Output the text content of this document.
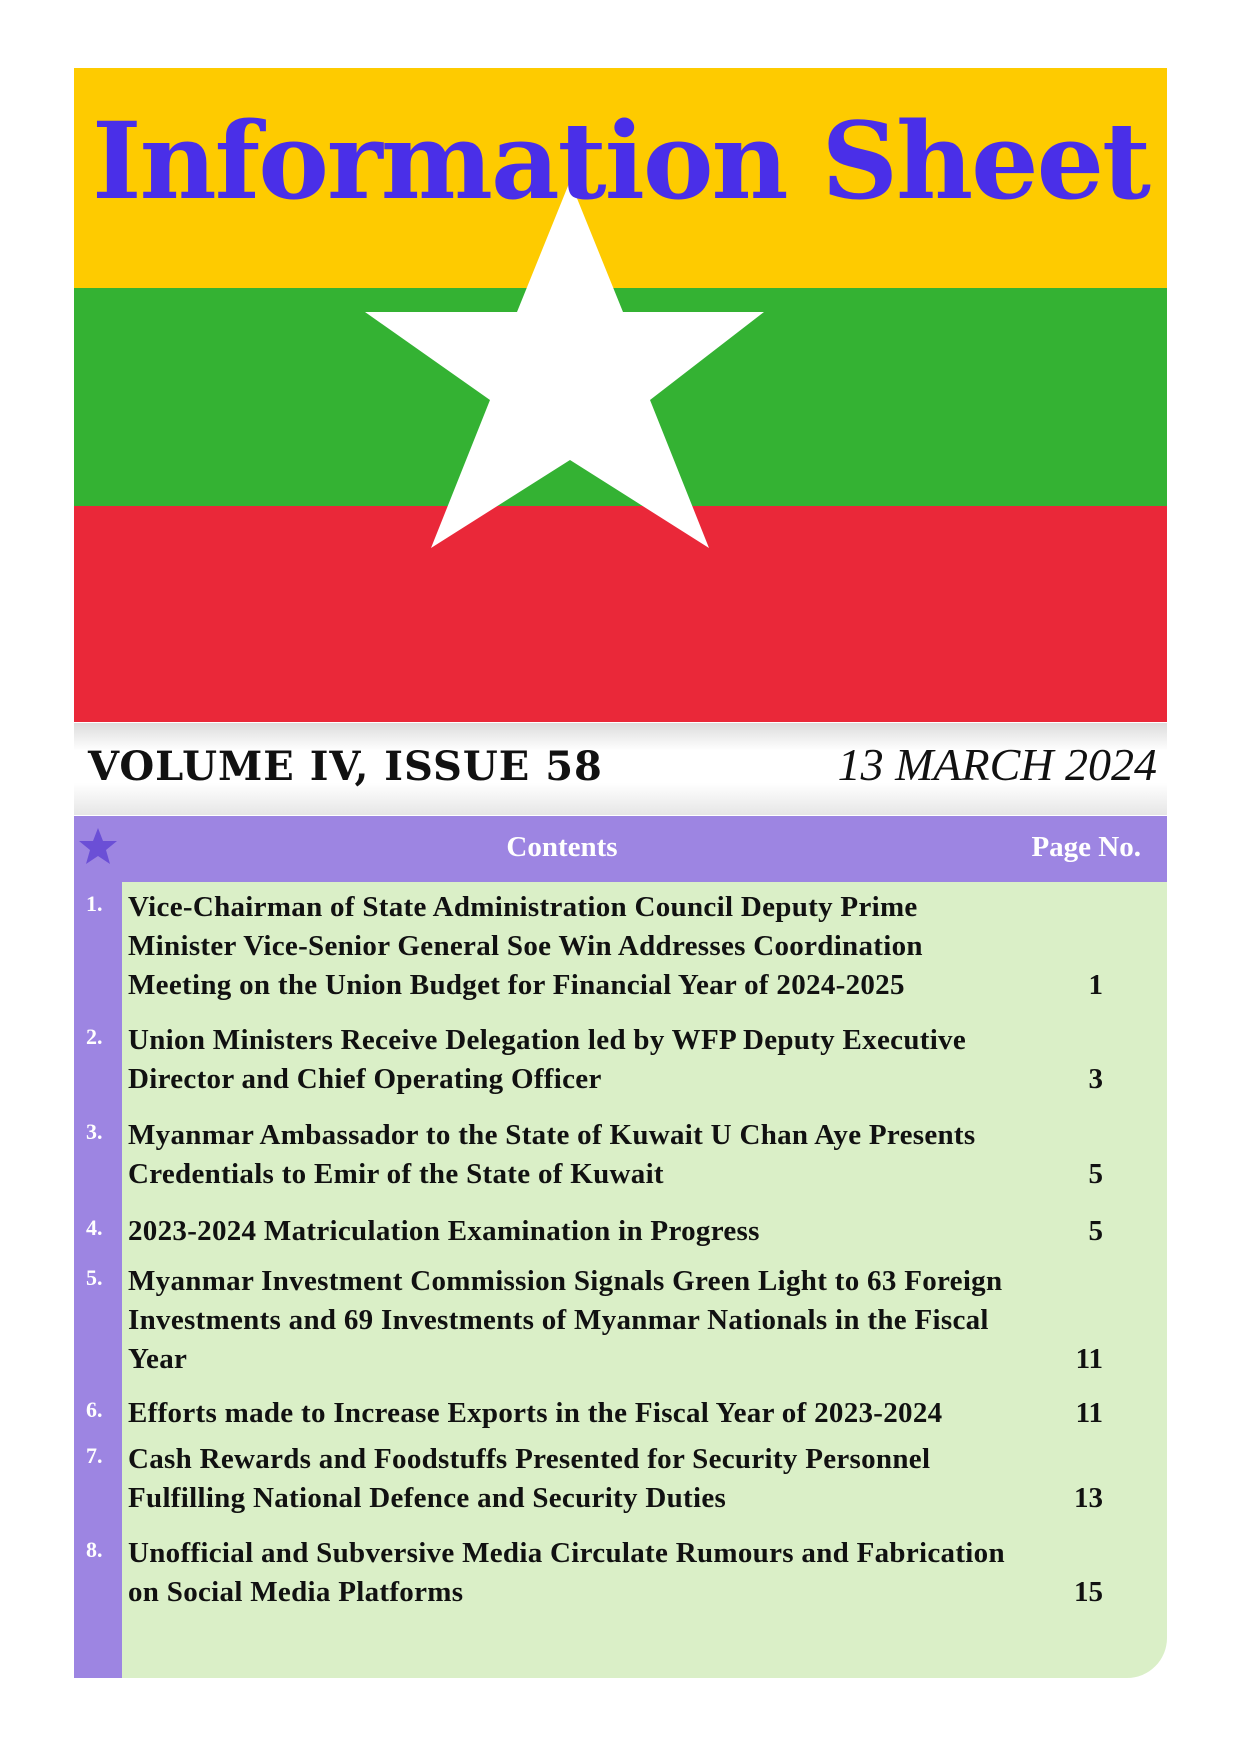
Information Sheet
VOLUME IV, ISSUE 58	13 MARCH 2024
Contents	Page No.
1. Vice-Chairman of State Administration Council Deputy Prime Minister Vice-Senior General Soe Win Addresses Coordination Meeting on the Union Budget for Financial Year of 2024-2025	1
2. Union Ministers Receive Delegation led by WFP Deputy Executive Director and Chief Operating Officer	3
3. Myanmar Ambassador to the State of Kuwait U Chan Aye Presents Credentials to Emir of the State of Kuwait	5
4. 2023-2024 Matriculation Examination in Progress	5
5. Myanmar Investment Commission Signals Green Light to 63 Foreign Investments and 69 Investments of Myanmar Nationals in the Fiscal Year	11
6. Efforts made to Increase Exports in the Fiscal Year of 2023-2024	11
7. Cash Rewards and Foodstuffs Presented for Security Personnel Fulfilling National Defence and Security Duties	13
8. Unofficial and Subversive Media Circulate Rumours and Fabrication on Social Media Platforms	15
